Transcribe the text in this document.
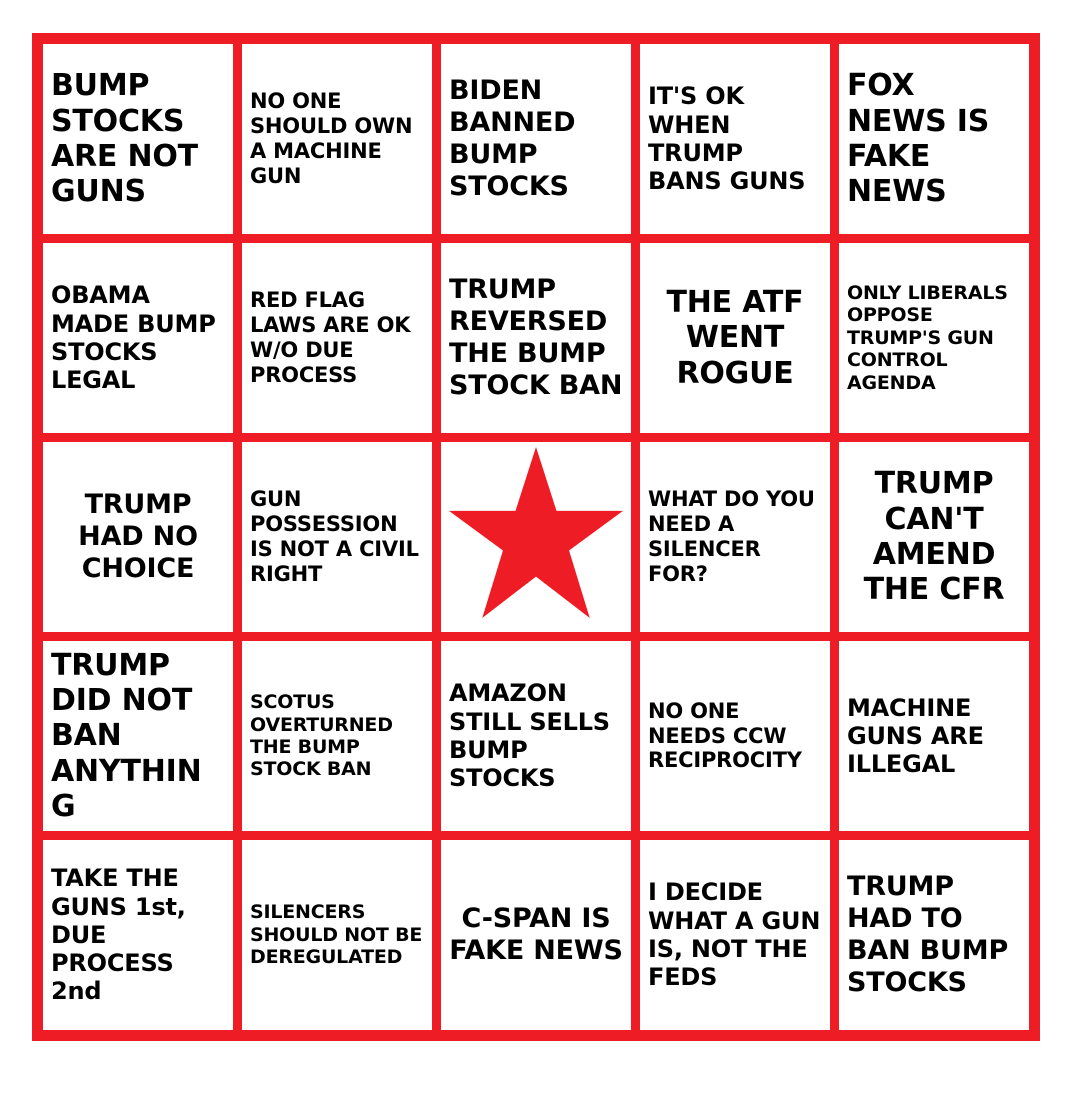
BUMP STOCKS ARE NOT GUNS
NO ONE SHOULD OWN A MACHINE GUN
BIDEN BANNED BUMP STOCKS
IT'S OK WHEN TRUMP BANS GUNS
FOX NEWS IS FAKE NEWS
OBAMA MADE BUMP STOCKS LEGAL
RED FLAG LAWS ARE OK W/O DUE PROCESS
TRUMP REVERSED THE BUMP STOCK BAN
THE ATF WENT ROGUE
ONLY LIBERALS OPPOSE TRUMP'S GUN CONTROL AGENDA
TRUMP HAD NO CHOICE
GUN POSSESSION IS NOT A CIVIL RIGHT
WHAT DO YOU NEED A SILENCER FOR?
TRUMP CAN'T AMEND THE CFR
TRUMP DID NOT BAN ANYTHING
SCOTUS OVERTURNED THE BUMP STOCK BAN
AMAZON STILL SELLS BUMP STOCKS
NO ONE NEEDS CCW RECIPROCITY
MACHINE GUNS ARE ILLEGAL
TAKE THE GUNS 1st, DUE PROCESS 2nd
SILENCERS SHOULD NOT BE DEREGULATED
C-SPAN IS FAKE NEWS
I DECIDE WHAT A GUN IS, NOT THE FEDS
TRUMP HAD TO BAN BUMP STOCKS
